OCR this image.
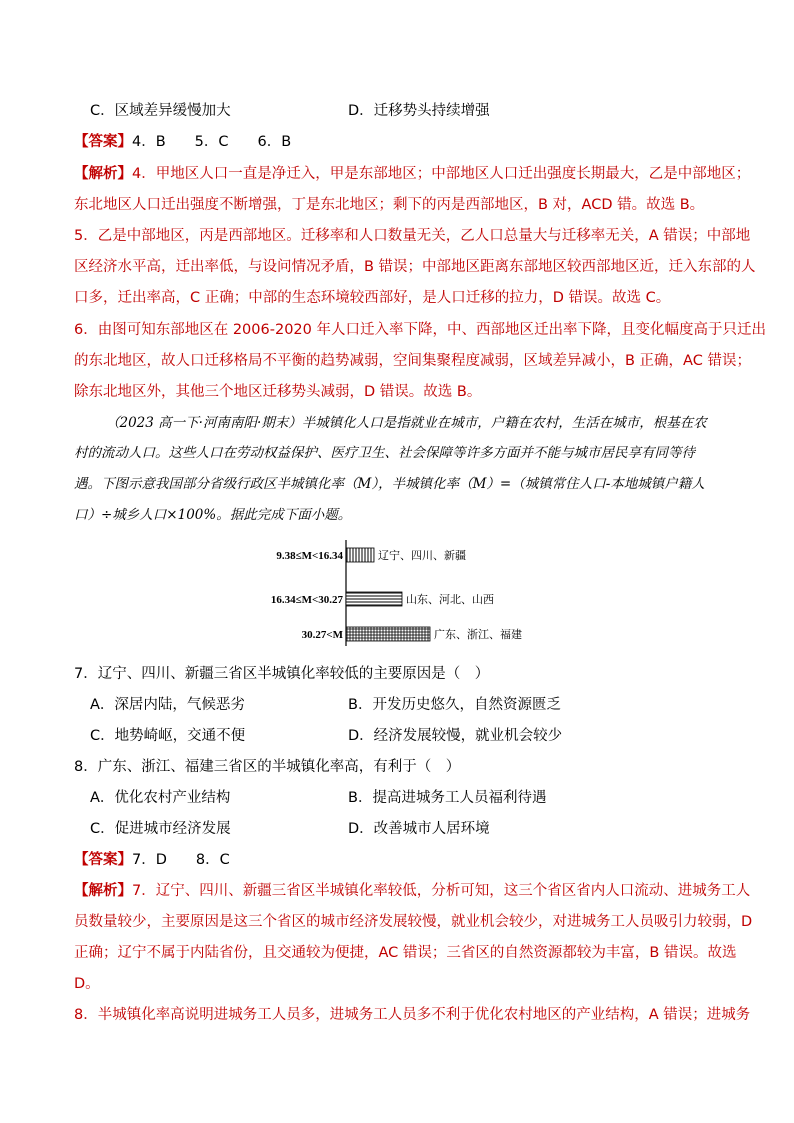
C．区域差异缓慢加大	D．迁移势头持续增强
【答案】4．B　　5．C　　6．B
【解析】4．甲地区人口一直是净迁入，甲是东部地区；中部地区人口迁出强度长期最大，乙是中部地区；
东北地区人口迁出强度不断增强，丁是东北地区；剩下的丙是西部地区，B 对，ACD 错。故选 B。
5．乙是中部地区，丙是西部地区。迁移率和人口数量无关，乙人口总量大与迁移率无关，A 错误；中部地
区经济水平高，迁出率低，与设问情况矛盾，B 错误；中部地区距离东部地区较西部地区近，迁入东部的人
口多，迁出率高，C 正确；中部的生态环境较西部好，是人口迁移的拉力，D 错误。故选 C。
6．由图可知东部地区在 2006-2020 年人口迁入率下降，中、西部地区迁出率下降，且变化幅度高于只迁出
的东北地区，故人口迁移格局不平衡的趋势减弱，空间集聚程度减弱，区域差异减小，B 正确，AC 错误；
除东北地区外，其他三个地区迁移势头减弱，D 错误。故选 B。
（2023 高一下·河南南阳·期末）半城镇化人口是指就业在城市，户籍在农村，生活在城市，根基在农
村的流动人口。这些人口在劳动权益保护、医疗卫生、社会保障等许多方面并不能与城市居民享有同等待
遇。下图示意我国部分省级行政区半城镇化率（M），半城镇化率（M）=（城镇常住人口-本地城镇户籍人
口）÷城乡人口×100%。据此完成下面小题。
9.38≤M<16.34	辽宁、四川、新疆
16.34≤M<30.27	山东、河北、山西
30.27<M	广东、浙江、福建
7．辽宁、四川、新疆三省区半城镇化率较低的主要原因是（　）
A．深居内陆，气候恶劣	B．开发历史悠久，自然资源匮乏
C．地势崎岖，交通不便	D．经济发展较慢，就业机会较少
8．广东、浙江、福建三省区的半城镇化率高，有利于（　）
A．优化农村产业结构	B．提高进城务工人员福利待遇
C．促进城市经济发展	D．改善城市人居环境
【答案】7．D　　8．C
【解析】7．辽宁、四川、新疆三省区半城镇化率较低，分析可知，这三个省区省内人口流动、进城务工人
员数量较少，主要原因是这三个省区的城市经济发展较慢，就业机会较少，对进城务工人员吸引力较弱，D
正确；辽宁不属于内陆省份，且交通较为便捷，AC 错误；三省区的自然资源都较为丰富，B 错误。故选
D。
8．半城镇化率高说明进城务工人员多，进城务工人员多不利于优化农村地区的产业结构，A 错误；进城务
